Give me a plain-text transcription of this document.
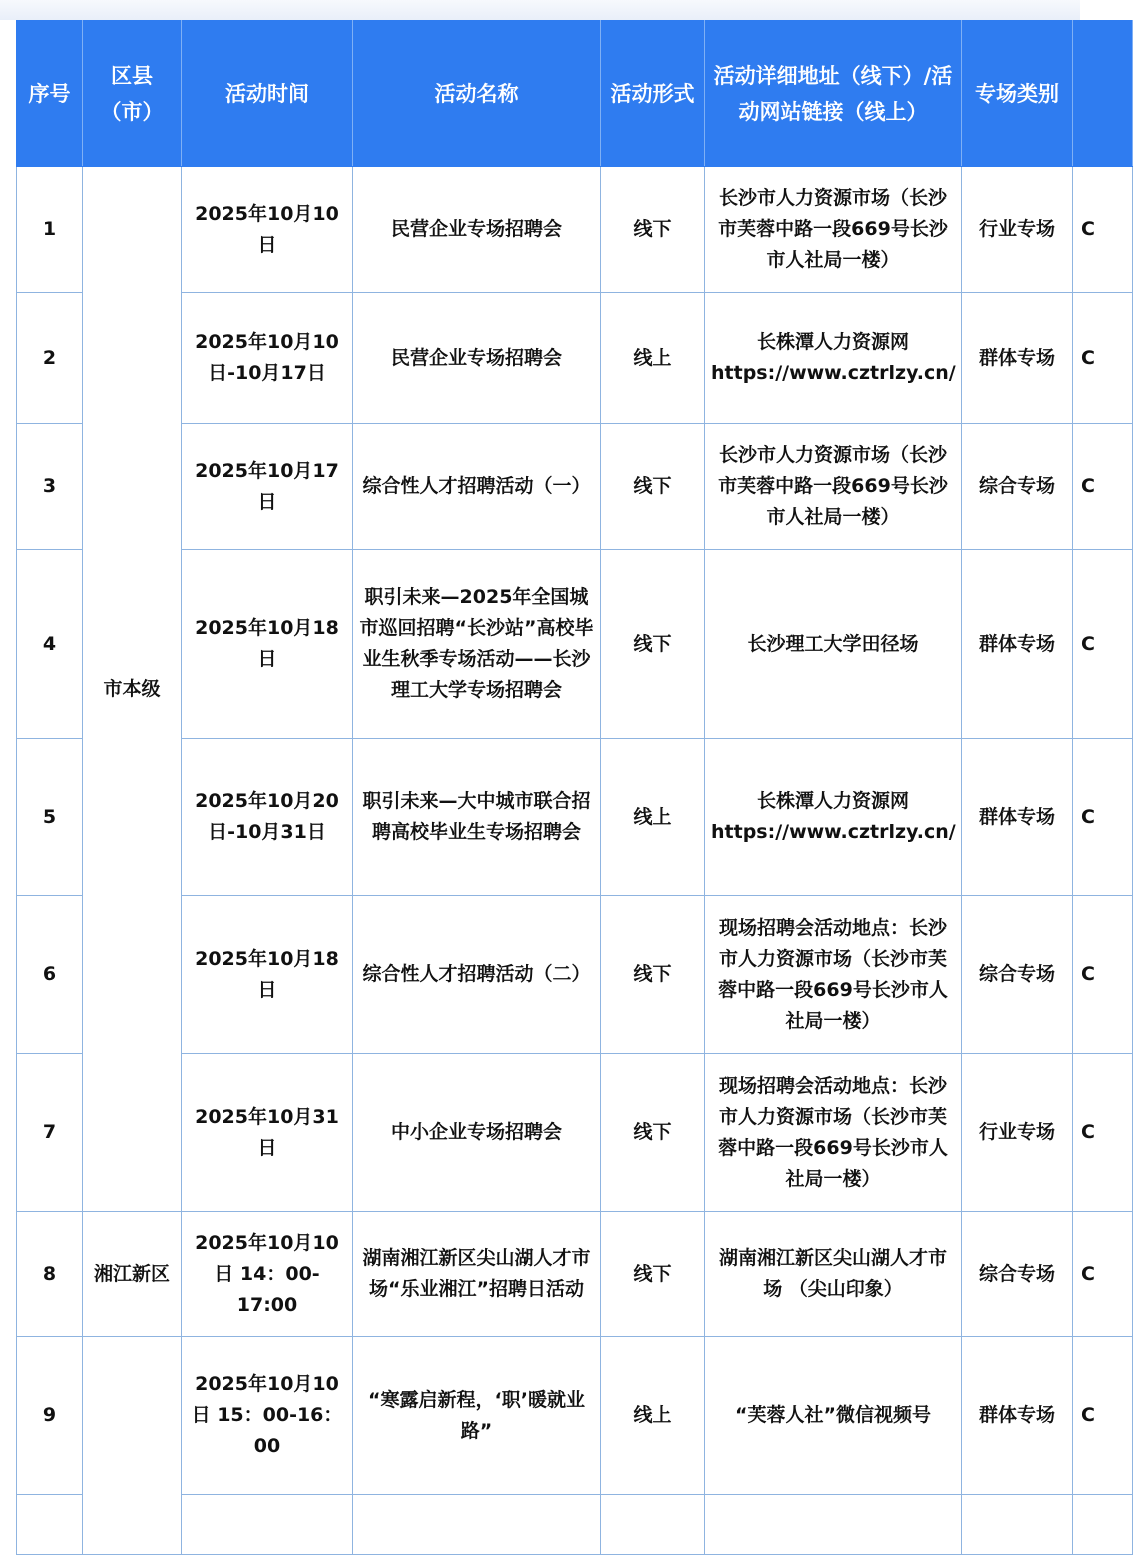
序号	区县（市）	活动时间	活动名称	活动形式	活动详细地址（线下）/活动网站链接（线上）	专场类别	
1	市本级	2025年10月10日	民营企业专场招聘会	线下	长沙市人力资源市场（长沙市芙蓉中路一段669号长沙市人社局一楼）	行业专场	C
2		2025年10月10日-10月17日	民营企业专场招聘会	线上	长株潭人力资源网 https://www.cztrlzy.cn/	群体专场	C
3		2025年10月17日	综合性人才招聘活动（一）	线下	长沙市人力资源市场（长沙市芙蓉中路一段669号长沙市人社局一楼）	综合专场	C
4		2025年10月18日	职引未来—2025年全国城市巡回招聘“长沙站”高校毕业生秋季专场活动——长沙理工大学专场招聘会	线下	长沙理工大学田径场	群体专场	C
5		2025年10月20日-10月31日	职引未来—大中城市联合招聘高校毕业生专场招聘会	线上	长株潭人力资源网 https://www.cztrlzy.cn/	群体专场	C
6		2025年10月18日	综合性人才招聘活动（二）	线下	现场招聘会活动地点：长沙市人力资源市场（长沙市芙蓉中路一段669号长沙市人社局一楼）	综合专场	C
7		2025年10月31日	中小企业专场招聘会	线下	现场招聘会活动地点：长沙市人力资源市场（长沙市芙蓉中路一段669号长沙市人社局一楼）	行业专场	C
8	湘江新区	2025年10月10日 14：00-17:00	湖南湘江新区尖山湖人才市场“乐业湘江”招聘日活动	线下	湖南湘江新区尖山湖人才市场 （尖山印象）	综合专场	C
9		2025年10月10日 15：00-16：00	“寒露启新程，‘职’暖就业路”	线上	“芙蓉人社”微信视频号	群体专场	C
